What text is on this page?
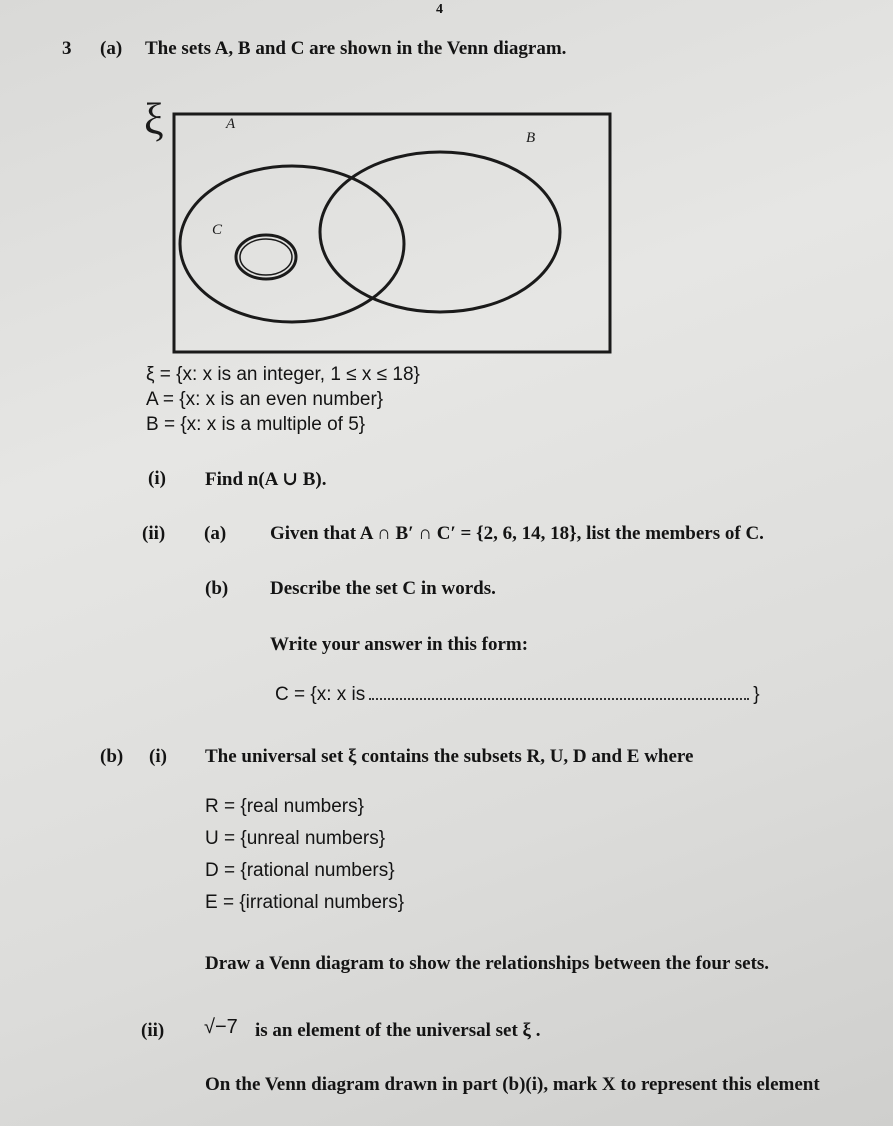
4
3 (a) The sets A, B and C are shown in the Venn diagram.
ξ	A
B
C
ξ = {x: x is an integer, 1 ≤ x ≤ 18}
A = {x: x is an even number}
B = {x: x is a multiple of 5}
(i) Find n(A ∪ B).
(ii) (a) Given that A ∩ B′ ∩ C′ = {2, 6, 14, 18}, list the members of C.
(b) Describe the set C in words.
Write your answer in this form:
C = {x: x is	}
(b) (i) The universal set ξ contains the subsets R, U, D and E where
R = {real numbers}
U = {unreal numbers}
D = {rational numbers}
E = {irrational numbers}
Draw a Venn diagram to show the relationships between the four sets.
(ii) √−7 is an element of the universal set ξ .
On the Venn diagram drawn in part (b)(i), mark X to represent this element
